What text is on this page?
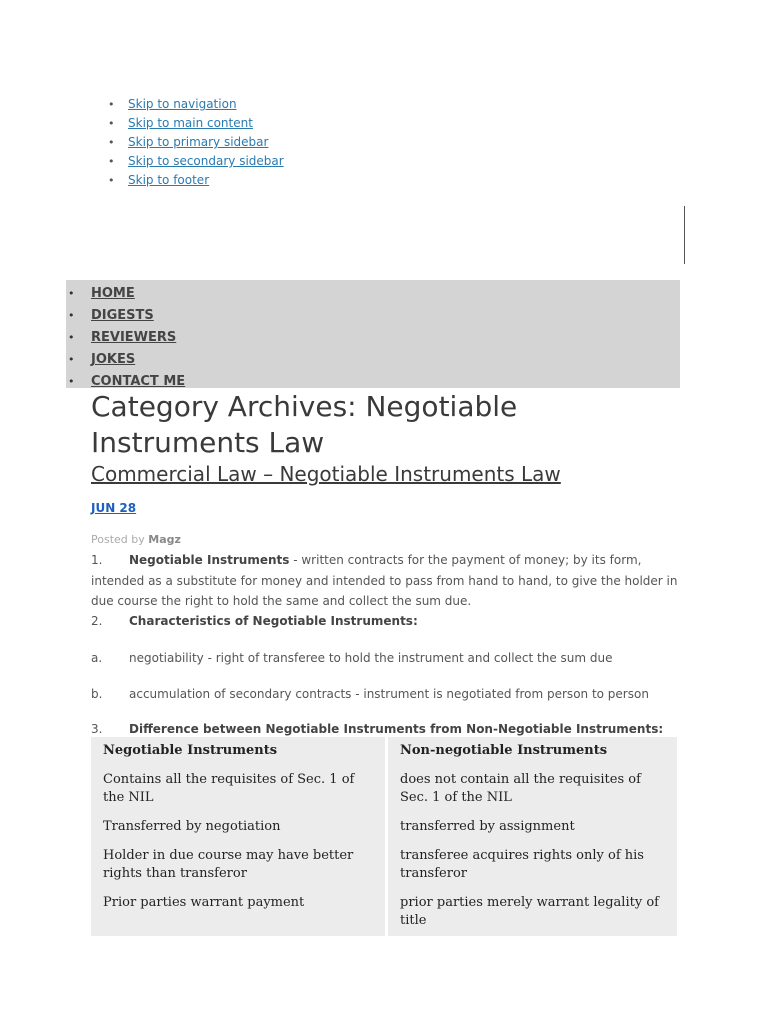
• Skip to navigation
• Skip to main content
• Skip to primary sidebar
• Skip to secondary sidebar
• Skip to footer
• HOME
• DIGESTS
• REVIEWERS
• JOKES
• CONTACT ME
Category Archives: Negotiable Instruments Law
Commercial Law – Negotiable Instruments Law
JUN 28
Posted by Magz

1. Negotiable Instruments - written contracts for the payment of money; by its form, intended as a substitute for money and intended to pass from hand to hand, to give the holder in due course the right to hold the same and collect the sum due.

2. Characteristics of Negotiable Instruments:

a. negotiability - right of transferee to hold the instrument and collect the sum due

b. accumulation of secondary contracts - instrument is negotiated from person to person

3. Difference between Negotiable Instruments from Non-Negotiable Instruments:

Negotiable Instruments	Non-negotiable Instruments
Contains all the requisites of Sec. 1 of the NIL	does not contain all the requisites of Sec. 1 of the NIL
Transferred by negotiation	transferred by assignment
Holder in due course may have better rights than transferor	transferee acquires rights only of his transferor
Prior parties warrant payment	prior parties merely warrant legality of title
